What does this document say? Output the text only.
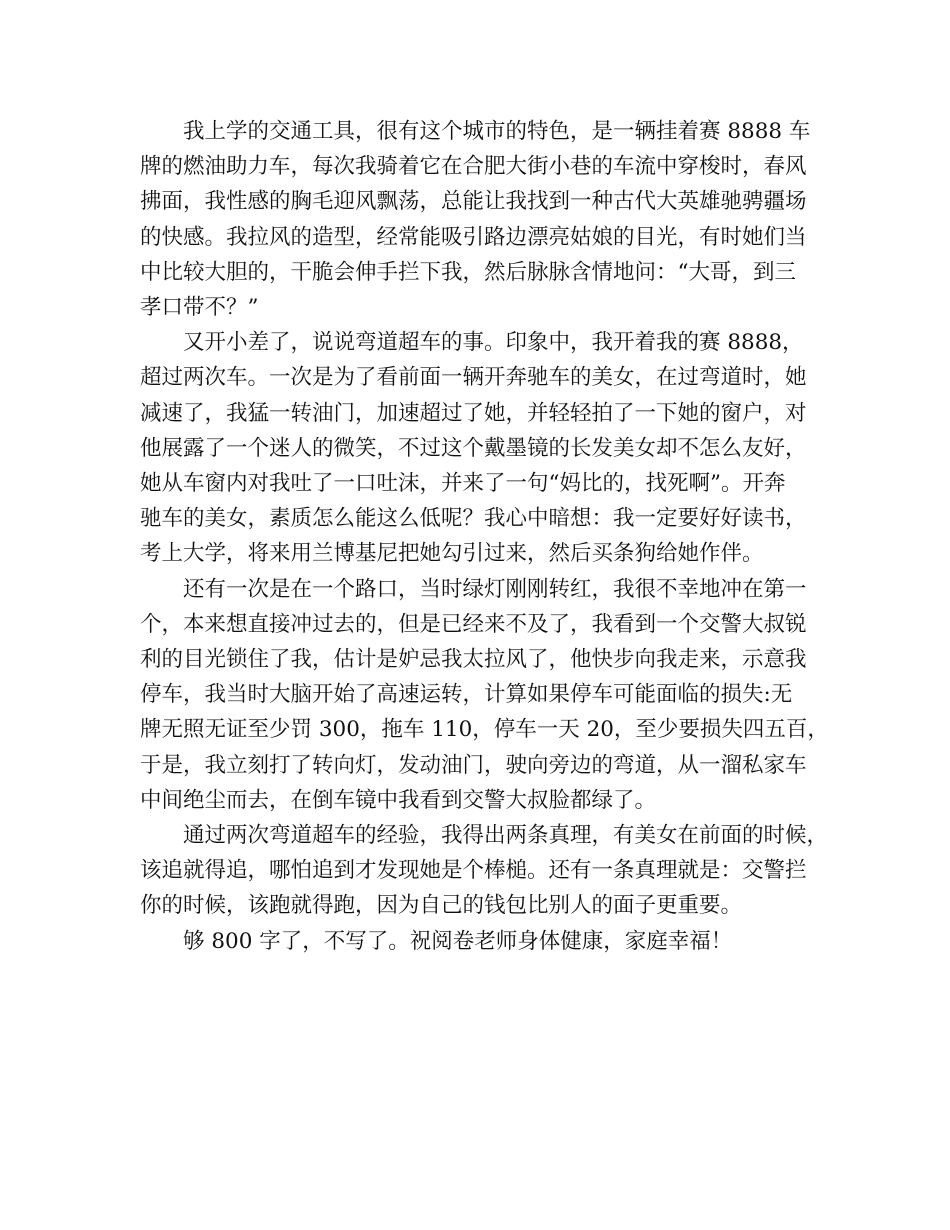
我上学的交通工具，很有这个城市的特色，是一辆挂着赛 8888 车
牌的燃油助力车，每次我骑着它在合肥大街小巷的车流中穿梭时，春风
拂面，我性感的胸毛迎风飘荡，总能让我找到一种古代大英雄驰骋疆场
的快感。我拉风的造型，经常能吸引路边漂亮姑娘的目光，有时她们当
中比较大胆的，干脆会伸手拦下我，然后脉脉含情地问：“大哥，到三
孝口带不？”

又开小差了，说说弯道超车的事。印象中，我开着我的赛 8888，
超过两次车。一次是为了看前面一辆开奔驰车的美女，在过弯道时，她
减速了，我猛一转油门，加速超过了她，并轻轻拍了一下她的窗户，对
他展露了一个迷人的微笑，不过这个戴墨镜的长发美女却不怎么友好，
她从车窗内对我吐了一口吐沫，并来了一句“妈比的，找死啊”。开奔
驰车的美女，素质怎么能这么低呢？我心中暗想：我一定要好好读书，
考上大学，将来用兰博基尼把她勾引过来，然后买条狗给她作伴。

还有一次是在一个路口，当时绿灯刚刚转红，我很不幸地冲在第一
个，本来想直接冲过去的，但是已经来不及了，我看到一个交警大叔锐
利的目光锁住了我，估计是妒忌我太拉风了，他快步向我走来，示意我
停车，我当时大脑开始了高速运转，计算如果停车可能面临的损失:无
牌无照无证至少罚 300，拖车 110，停车一天 20，至少要损失四五百，
于是，我立刻打了转向灯，发动油门，驶向旁边的弯道，从一溜私家车
中间绝尘而去，在倒车镜中我看到交警大叔脸都绿了。

通过两次弯道超车的经验，我得出两条真理，有美女在前面的时候，
该追就得追，哪怕追到才发现她是个棒槌。还有一条真理就是：交警拦
你的时候，该跑就得跑，因为自己的钱包比别人的面子更重要。

够 800 字了，不写了。祝阅卷老师身体健康，家庭幸福！
